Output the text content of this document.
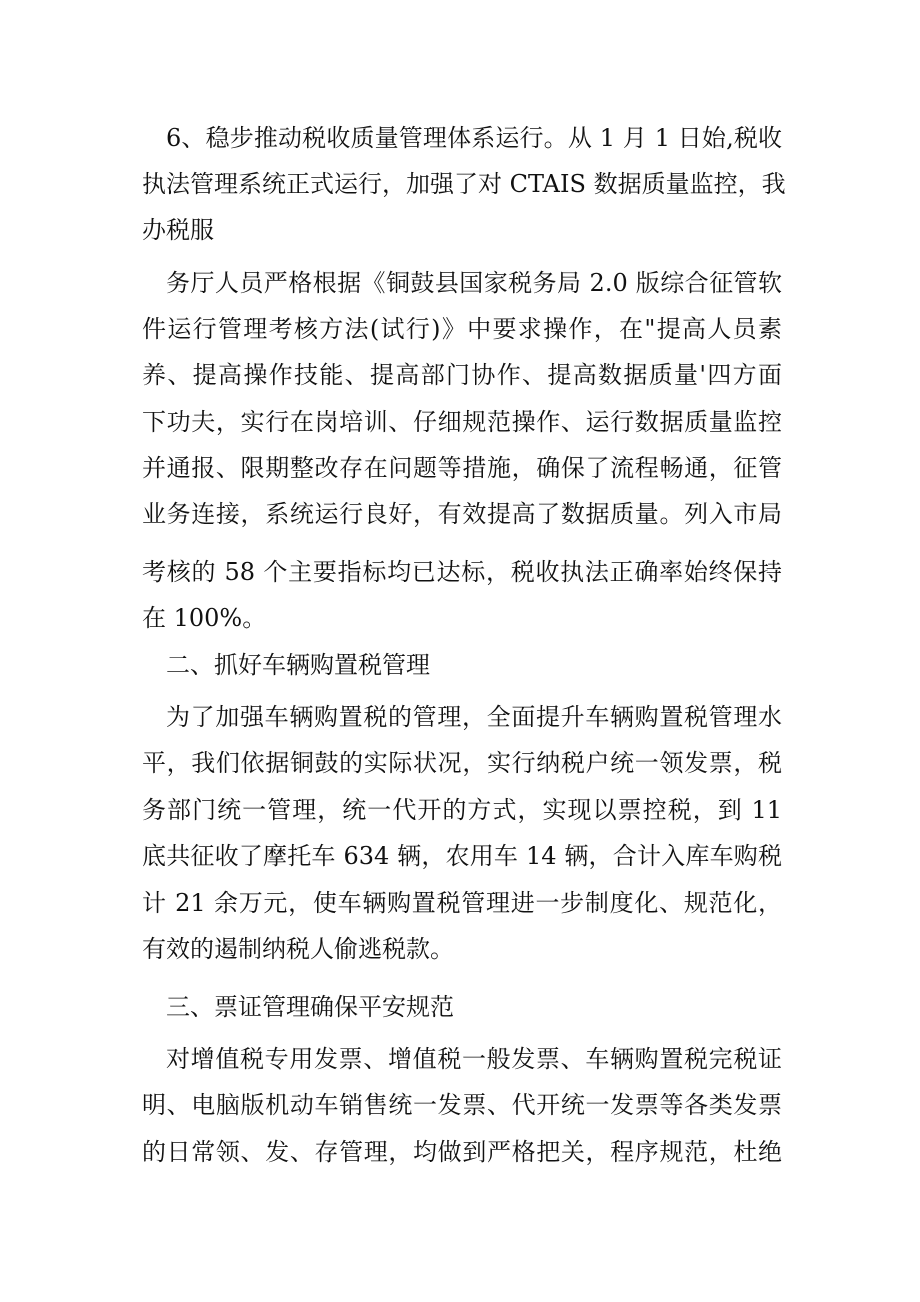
6、稳步推动税收质量管理体系运行。从 1 月 1 日始,税收
执法管理系统正式运行，加强了对 CTAIS 数据质量监控，我
办税服
务厅人员严格根据《铜鼓县国家税务局 2.0 版综合征管软
件运行管理考核方法(试行)》中要求操作，在"提高人员素
养、提高操作技能、提高部门协作、提高数据质量'四方面
下功夫，实行在岗培训、仔细规范操作、运行数据质量监控
并通报、限期整改存在问题等措施，确保了流程畅通，征管
业务连接，系统运行良好，有效提高了数据质量。列入市局
考核的 58 个主要指标均已达标，税收执法正确率始终保持
在 100%。
二、抓好车辆购置税管理
为了加强车辆购置税的管理，全面提升车辆购置税管理水
平，我们依据铜鼓的实际状况，实行纳税户统一领发票，税
务部门统一管理，统一代开的方式，实现以票控税，到 11
底共征收了摩托车 634 辆，农用车 14 辆，合计入库车购税
计 21 余万元，使车辆购置税管理进一步制度化、规范化，
有效的遏制纳税人偷逃税款。
三、票证管理确保平安规范
对增值税专用发票、增值税一般发票、车辆购置税完税证
明、电脑版机动车销售统一发票、代开统一发票等各类发票
的日常领、发、存管理，均做到严格把关，程序规范，杜绝
